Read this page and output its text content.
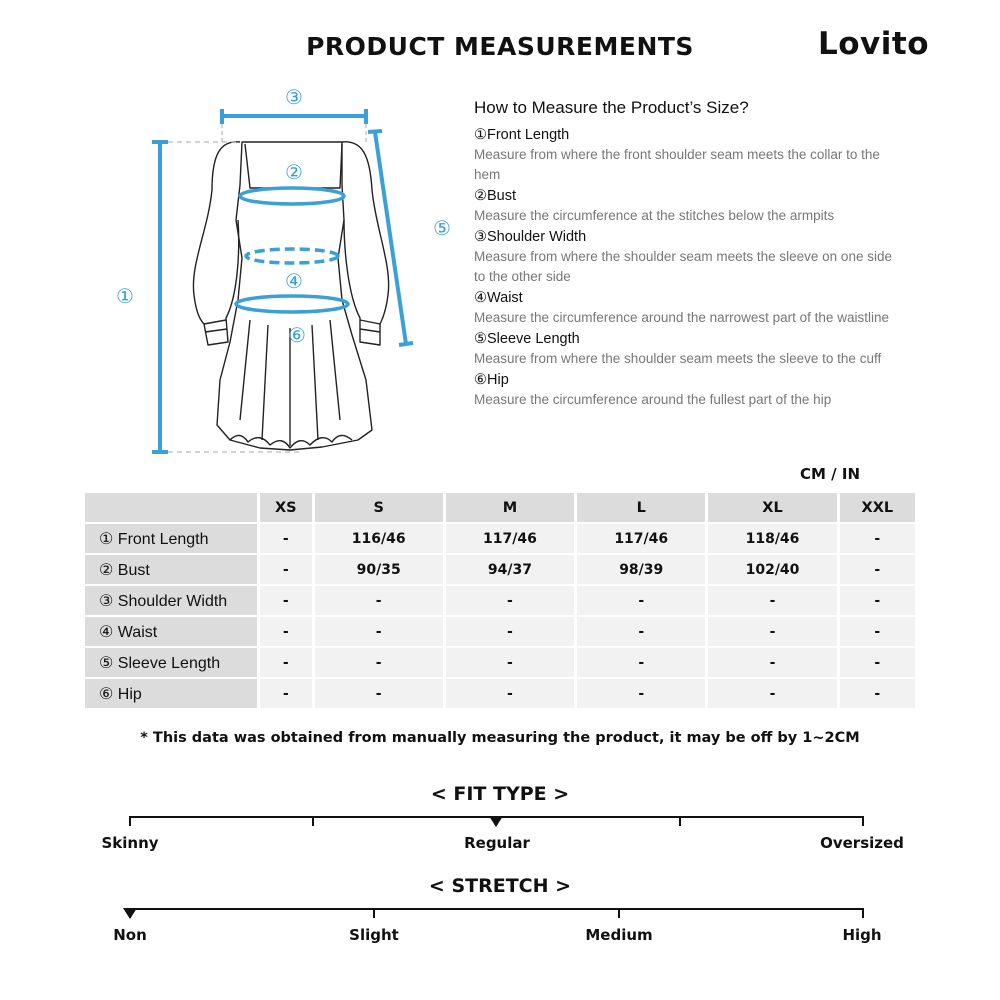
PRODUCT MEASUREMENTS	Lovito
①
②
③
④
⑤
⑥
How to Measure the Product’s Size?
①Front Length
Measure from where the front shoulder seam meets the collar to the hem
②Bust
Measure the circumference at the stitches below the armpits
③Shoulder Width
Measure from where the shoulder seam meets the sleeve on one side to the other side
④Waist
Measure the circumference around the narrowest part of the waistline
⑤Sleeve Length
Measure from where the shoulder seam meets the sleeve to the cuff
⑥Hip
Measure the circumference around the fullest part of the hip
CM / IN
	XS	S	M	L	XL	XXL
① Front Length	-	116/46	117/46	117/46	118/46	-
② Bust	-	90/35	94/37	98/39	102/40	-
③ Shoulder Width	-	-	-	-	-	-
④ Waist	-	-	-	-	-	-
⑤ Sleeve Length	-	-	-	-	-	-
⑥ Hip	-	-	-	-	-	-
* This data was obtained from manually measuring the product, it may be off by 1~2CM
< FIT TYPE >
Skinny	Regular	Oversized
< STRETCH >
Non	Slight	Medium	High
